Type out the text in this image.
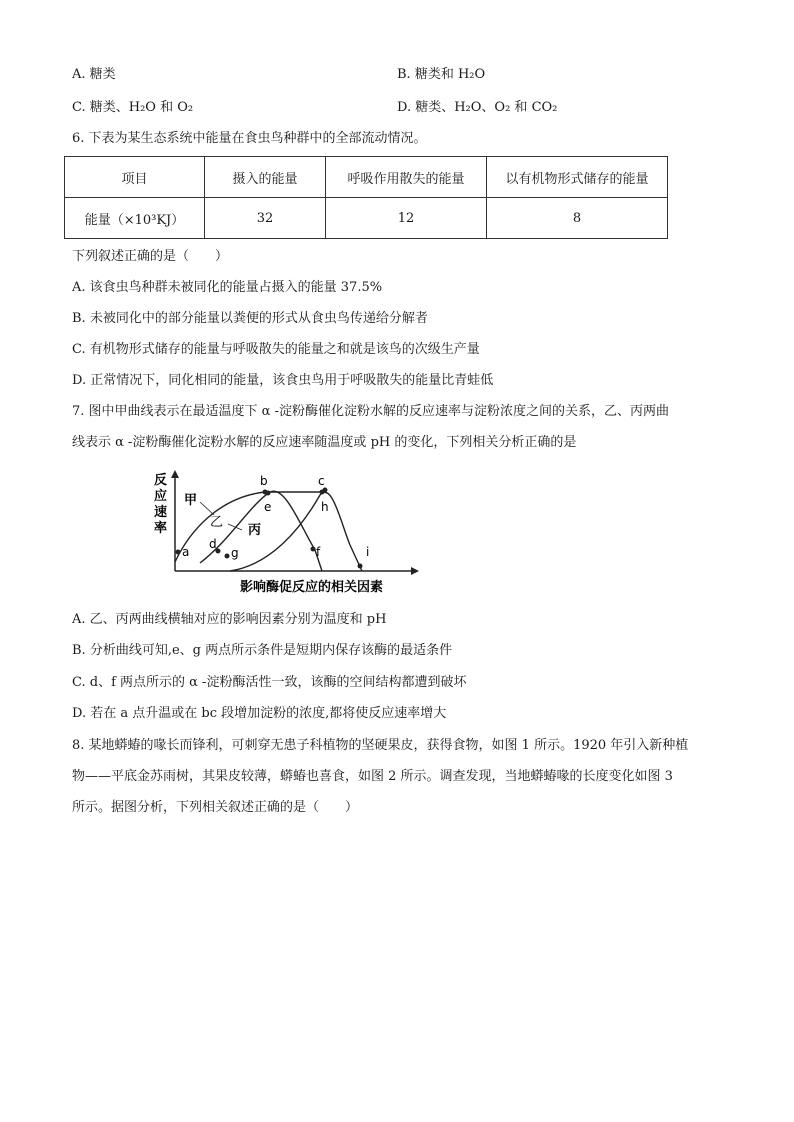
A. 糖类	B. 糖类和 H₂O
C. 糖类、H₂O 和 O₂	D. 糖类、H₂O、O₂ 和 CO₂
6. 下表为某生态系统中能量在食虫鸟种群中的全部流动情况。
项目	摄入的能量	呼吸作用散失的能量	以有机物形式储存的能量
能量（×10³KJ）	32	12	8
下列叙述正确的是（　　）
A. 该食虫鸟种群未被同化的能量占摄入的能量 37.5%
B. 未被同化中的部分能量以粪便的形式从食虫鸟传递给分解者
C. 有机物形式储存的能量与呼吸散失的能量之和就是该鸟的次级生产量
D. 正常情况下，同化相同的能量，该食虫鸟用于呼吸散失的能量比青蛙低
7. 图中甲曲线表示在最适温度下 α -淀粉酶催化淀粉水解的反应速率与淀粉浓度之间的关系，乙、丙两曲
线表示 α -淀粉酶催化淀粉水解的反应速率随温度或 pH 的变化，下列相关分析正确的是
反
应
速
率
影响酶促反应的相关因素
甲
乙
丙
a
b	c
d
e
f
g
h
i
A. 乙、丙两曲线横轴对应的影响因素分别为温度和 pH
B. 分析曲线可知,e、g 两点所示条件是短期内保存该酶的最适条件
C. d、f 两点所示的 α -淀粉酶活性一致，该酶的空间结构都遭到破坏
D. 若在 a 点升温或在 bc 段增加淀粉的浓度,都将使反应速率增大
8. 某地蟒蝽的喙长而锋利，可刺穿无患子科植物的坚硬果皮，获得食物，如图 1 所示。1920 年引入新种植
物——平底金苏雨树，其果皮较薄，蟒蝽也喜食，如图 2 所示。调查发现，当地蟒蝽喙的长度变化如图 3
所示。据图分析，下列相关叙述正确的是（　　）
